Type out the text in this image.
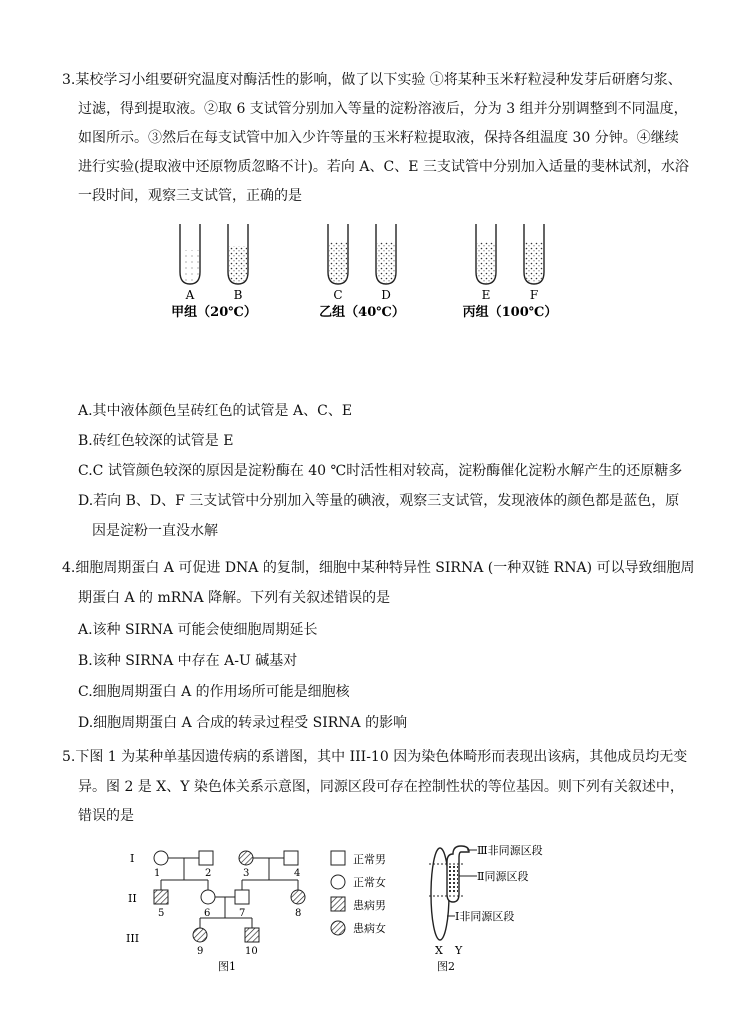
3.某校学习小组要研究温度对酶活性的影响，做了以下实验 ①将某种玉米籽粒浸种发芽后研磨匀浆、
过滤，得到提取液。②取 6 支试管分别加入等量的淀粉溶液后，分为 3 组并分别调整到不同温度，
如图所示。③然后在每支试管中加入少许等量的玉米籽粒提取液，保持各组温度 30 分钟。④继续
进行实验(提取液中还原物质忽略不计)。若向 A、C、E 三支试管中分别加入适量的斐林试剂，水浴
一段时间，观察三支试管，正确的是
A	B	C	D	E	F
甲组（20℃）	乙组（40℃）	丙组（100℃）
A.其中液体颜色呈砖红色的试管是 A、C、E
B.砖红色较深的试管是 E
C.C 试管颜色较深的原因是淀粉酶在 40 ℃时活性相对较高，淀粉酶催化淀粉水解产生的还原糖多
D.若向 B、D、F 三支试管中分别加入等量的碘液，观察三支试管，发现液体的颜色都是蓝色，原
因是淀粉一直没水解
4.细胞周期蛋白 A 可促进 DNA 的复制，细胞中某种特异性 SIRNA (一种双链 RNA) 可以导致细胞周
期蛋白 A 的 mRNA 降解。下列有关叙述错误的是
A.该种 SIRNA 可能会使细胞周期延长
B.该种 SIRNA 中存在 A-U 碱基对
C.细胞周期蛋白 A 的作用场所可能是细胞核
D.细胞周期蛋白 A 合成的转录过程受 SIRNA 的影响
5.下图 1 为某种单基因遗传病的系谱图，其中 III-10 因为染色体畸形而表现出该病，其他成员均无变
异。图 2 是 X、Y 染色体关系示意图，同源区段可存在控制性状的等位基因。则下列有关叙述中，
错误的是
I
II
III
1	2	3	4
5	6	7	8
9	10
正常男
正常女
患病男
患病女
图1
Ⅲ非同源区段
Ⅱ同源区段
Ⅰ非同源区段
X Y
图2
